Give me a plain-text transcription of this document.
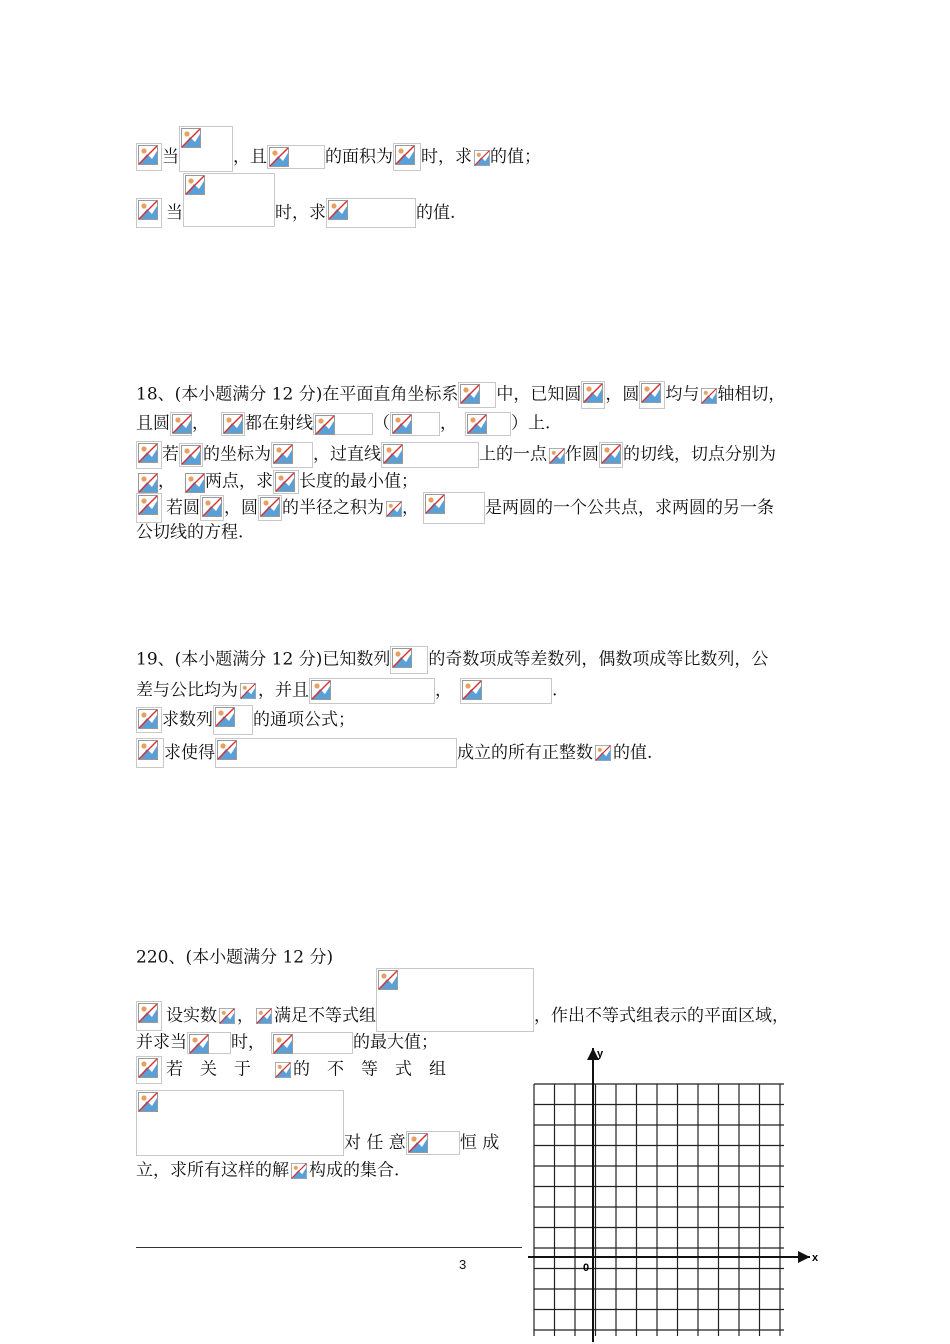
当	，且	的面积为 时，求 的值；
当	时，求	的值.
18、(本小题满分 12 分)在平面直角坐标系 中，已知圆 ，圆 均与 轴相切，
且圆 ， 都在射线	（	，	）上.
若 的坐标为 ，过直线	上的一点 作圆 的切线，切点分别为
， 两点，求 长度的最小值；
若圆 ，圆 的半径之积为 ，	是两圆的一个公共点，求两圆的另一条
公切线的方程.
19、(本小题满分 12 分)已知数列 的奇数项成等差数列，偶数项成等比数列，公
差与公比均为 ，并且	，	.
求数列 的通项公式；
求使得	成立的所有正整数 的值.
220、(本小题满分 12 分)
设实数 ， 满足不等式组	，作出不等式组表示的平面区域，
并求当	时，	的最大值；
若　关　于 的　不　等　式　组
对 任 意	恒 成
立，求所有这样的解 构成的集合.
y
x
0
3
